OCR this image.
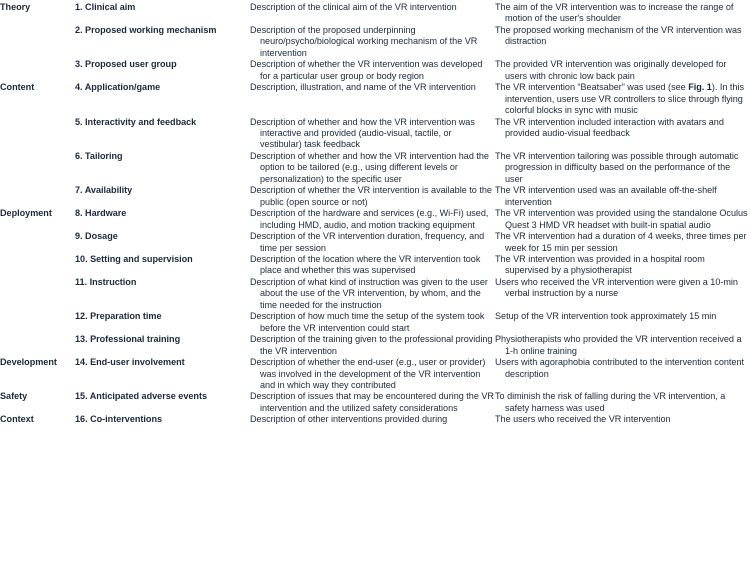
Theory	1. Clinical aim	Description of the clinical aim of the VR intervention	The aim of the VR intervention was to increase the range of motion of the user's shoulder

	2. Proposed working mechanism	Description of the proposed underpinning neuro/psycho/biological working mechanism of the VR intervention	The proposed working mechanism of the VR intervention was distraction

	3. Proposed user group	Description of whether the VR intervention was developed for a particular user group or body region	The provided VR intervention was originally developed for users with chronic low back pain

Content	4. Application/game	Description, illustration, and name of the VR intervention	The VR intervention “Beatsaber” was used (see Fig. 1). In this intervention, users use VR controllers to slice through flying colorful blocks in sync with music

	5. Interactivity and feedback	Description of whether and how the VR intervention was interactive and provided (audio-visual, tactile, or vestibular) task feedback	The VR intervention included interaction with avatars and provided audio-visual feedback

	6. Tailoring	Description of whether and how the VR intervention had the option to be tailored (e.g., using different levels or personalization) to the specific user	The VR intervention tailoring was possible through automatic progression in difficulty based on the performance of the user

	7. Availability	Description of whether the VR intervention is available to the public (open source or not)	The VR intervention used was an available off-the-shelf intervention

Deployment	8. Hardware	Description of the hardware and services (e.g., Wi-Fi) used, including HMD, audio, and motion tracking equipment	The VR intervention was provided using the standalone Oculus Quest 3 HMD VR headset with built-in spatial audio

	9. Dosage	Description of the VR intervention duration, frequency, and time per session	The VR intervention had a duration of 4 weeks, three times per week for 15 min per session

	10. Setting and supervision	Description of the location where the VR intervention took place and whether this was supervised	The VR intervention was provided in a hospital room supervised by a physiotherapist

	11. Instruction	Description of what kind of instruction was given to the user about the use of the VR intervention, by whom, and the time needed for the instruction	Users who received the VR intervention were given a 10-min verbal instruction by a nurse

	12. Preparation time	Description of how much time the setup of the system took before the VR intervention could start	Setup of the VR intervention took approximately 15 min

	13. Professional training	Description of the training given to the professional providing the VR intervention	Physiotherapists who provided the VR intervention received a 1-h online training

Development	14. End-user involvement	Description of whether the end-user (e.g., user or provider) was involved in the development of the VR intervention and in which way they contributed	Users with agoraphobia contributed to the intervention content description

Safety	15. Anticipated adverse events	Description of issues that may be encountered during the VR intervention and the utilized safety considerations	To diminish the risk of falling during the VR intervention, a safety harness was used

Context	16. Co-interventions	Description of other interventions provided during	The users who received the VR intervention
